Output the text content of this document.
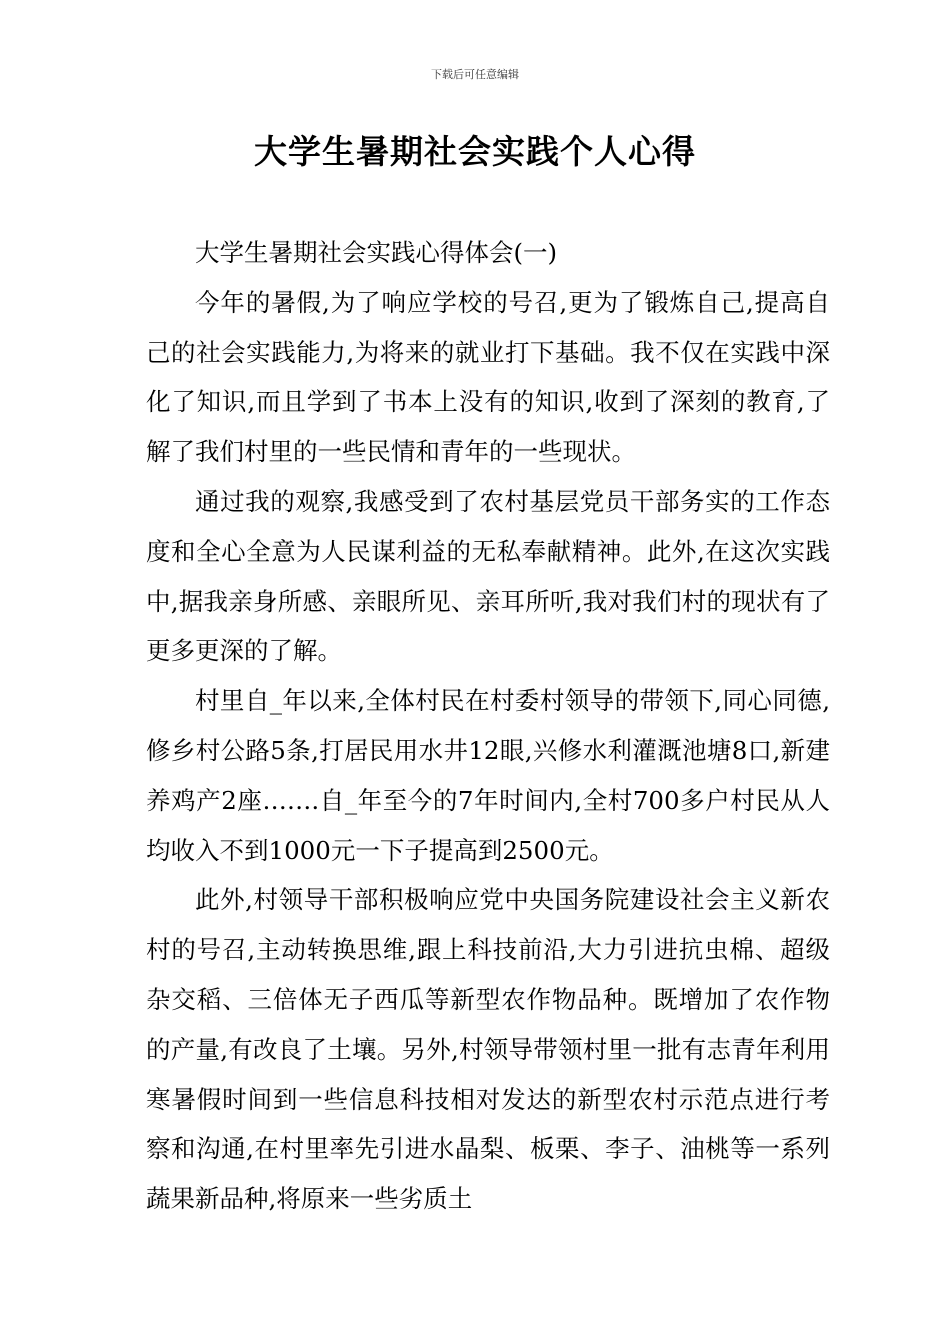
下载后可任意编辑
大学生暑期社会实践个人心得

大学生暑期社会实践心得体会(一)

今年的暑假,为了响应学校的号召,更为了锻炼自己,提高自己的社会实践能力,为将来的就业打下基础。我不仅在实践中深化了知识,而且学到了书本上没有的知识,收到了深刻的教育,了解了我们村里的一些民情和青年的一些现状。

通过我的观察,我感受到了农村基层党员干部务实的工作态度和全心全意为人民谋利益的无私奉献精神。此外,在这次实践中,据我亲身所感、亲眼所见、亲耳所听,我对我们村的现状有了更多更深的了解。

村里自_年以来,全体村民在村委村领导的带领下,同心同德,修乡村公路5条,打居民用水井12眼,兴修水利灌溉池塘8口,新建养鸡产2座…….自_年至今的7年时间内,全村700多户村民从人均收入不到1000元一下子提高到2500元。

此外,村领导干部积极响应党中央国务院建设社会主义新农村的号召,主动转换思维,跟上科技前沿,大力引进抗虫棉、超级杂交稻、三倍体无子西瓜等新型农作物品种。既增加了农作物的产量,有改良了土壤。另外,村领导带领村里一批有志青年利用寒暑假时间到一些信息科技相对发达的新型农村示范点进行考察和沟通,在村里率先引进水晶梨、板栗、李子、油桃等一系列蔬果新品种,将原来一些劣质土
